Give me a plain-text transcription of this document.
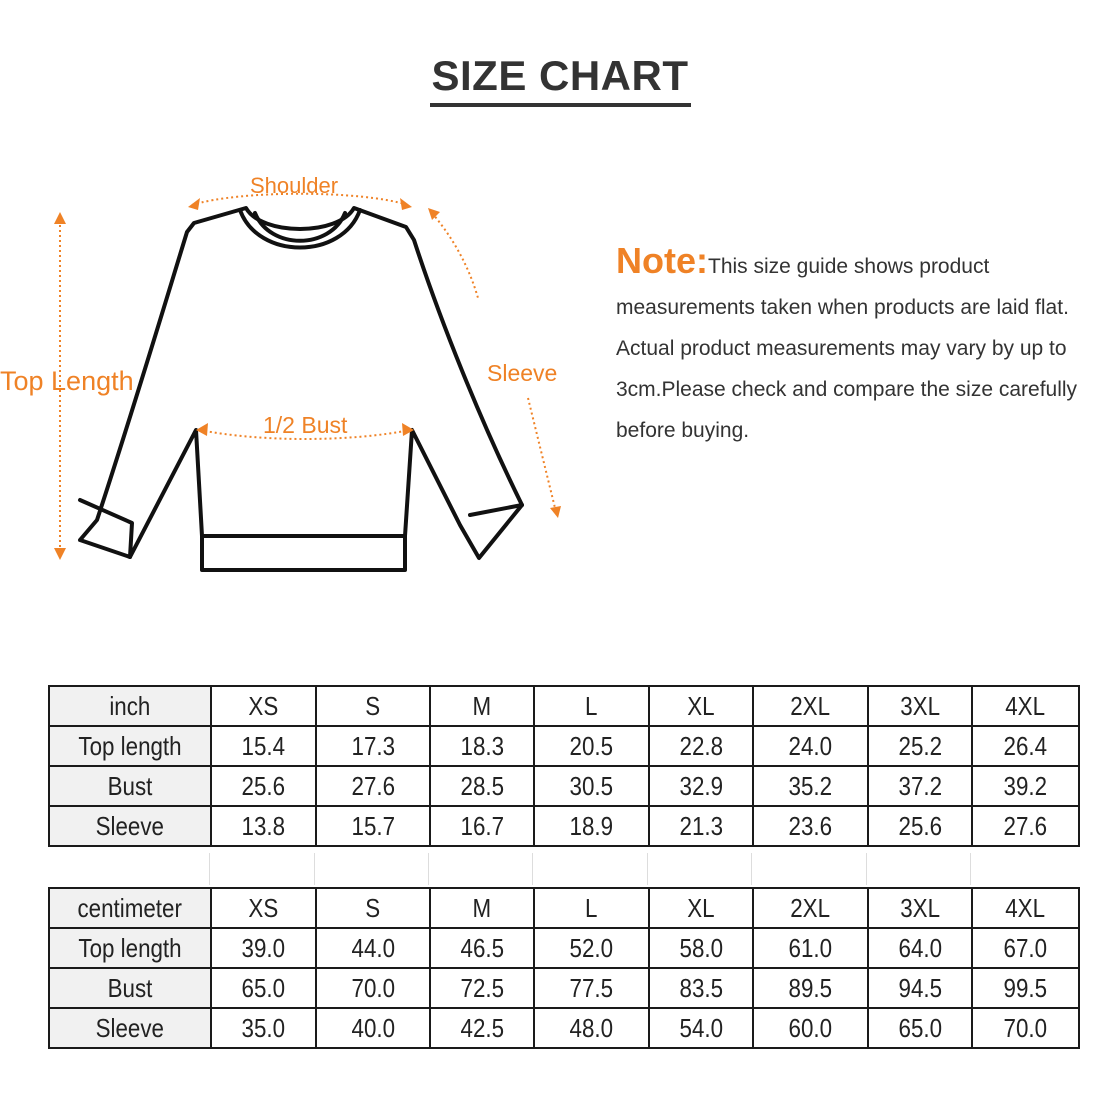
SIZE CHART
Shoulder
Top Length	Sleeve
1/2 Bust
Note:This size guide shows product measurements taken when products are laid flat. Actual product measurements may vary by up to 3cm.Please check and compare the size carefully before buying.
inch	XS	S	M	L	XL	2XL	3XL	4XL
Top length	15.4	17.3	18.3	20.5	22.8	24.0	25.2	26.4
Bust	25.6	27.6	28.5	30.5	32.9	35.2	37.2	39.2
Sleeve	13.8	15.7	16.7	18.9	21.3	23.6	25.6	27.6
centimeter	XS	S	M	L	XL	2XL	3XL	4XL
Top length	39.0	44.0	46.5	52.0	58.0	61.0	64.0	67.0
Bust	65.0	70.0	72.5	77.5	83.5	89.5	94.5	99.5
Sleeve	35.0	40.0	42.5	48.0	54.0	60.0	65.0	70.0
